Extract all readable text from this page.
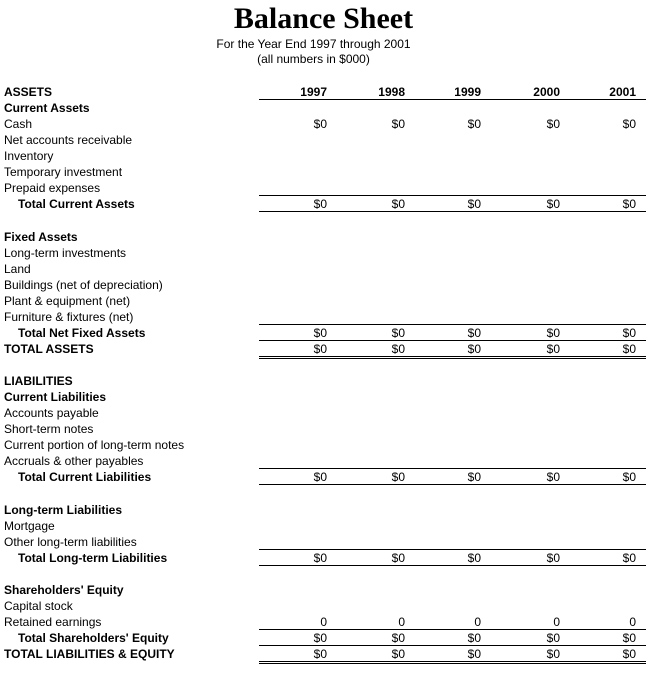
Balance Sheet
For the Year End 1997 through 2001
(all numbers in $000)
ASSETS	1997	1998	1999	2000	2001
Current Assets
Cash	$0	$0	$0	$0	$0
Net accounts receivable
Inventory
Temporary investment
Prepaid expenses
Total Current Assets	$0	$0	$0	$0	$0
Fixed Assets
Long-term investments
Land
Buildings (net of depreciation)
Plant & equipment (net)
Furniture & fixtures (net)
Total Net Fixed Assets	$0	$0	$0	$0	$0
TOTAL ASSETS	$0	$0	$0	$0	$0
LIABILITIES
Current Liabilities
Accounts payable
Short-term notes
Current portion of long-term notes
Accruals & other payables
Total Current Liabilities	$0	$0	$0	$0	$0
Long-term Liabilities
Mortgage
Other long-term liabilities
Total Long-term Liabilities	$0	$0	$0	$0	$0
Shareholders' Equity
Capital stock
Retained earnings	0	0	0	0	0
Total Shareholders' Equity	$0	$0	$0	$0	$0
TOTAL LIABILITIES & EQUITY	$0	$0	$0	$0	$0
